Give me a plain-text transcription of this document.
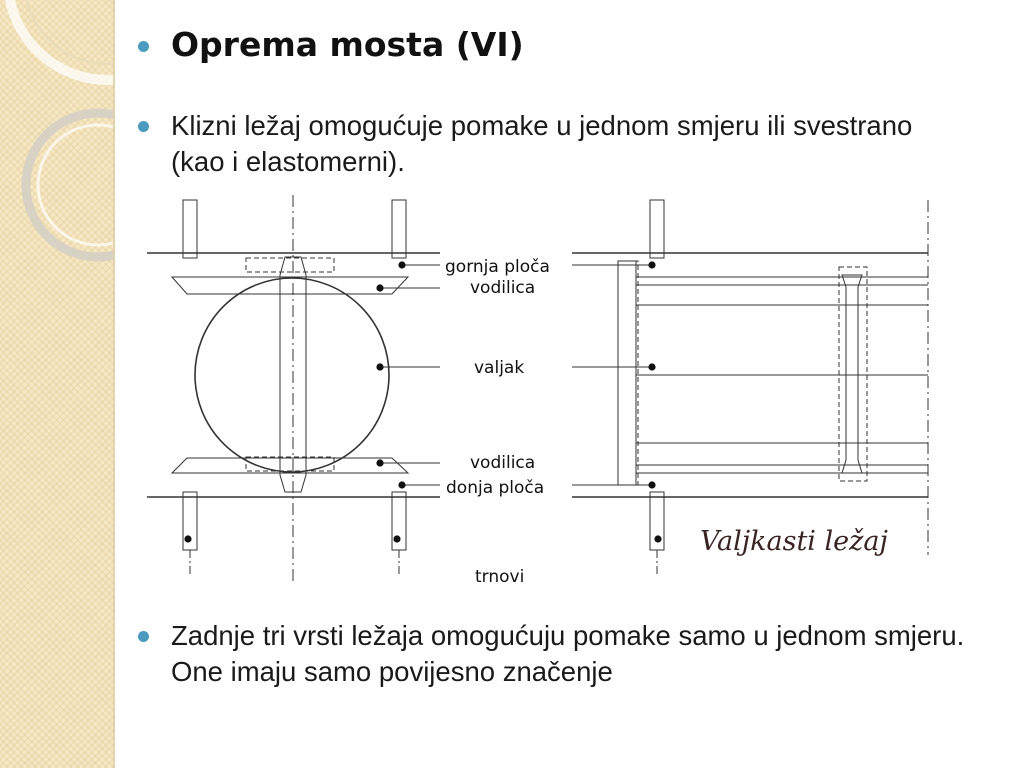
Oprema mosta (VI)

Klizni ležaj omogućuje pomake u jednom smjeru ili svestrano (kao i elastomerni).

gornja ploča
vodilica
valjak
vodilica
donja ploča
trnovi
Valjkasti ležaj

Zadnje tri vrsti ležaja omogućuju pomake samo u jednom smjeru. One imaju samo povijesno značenje
